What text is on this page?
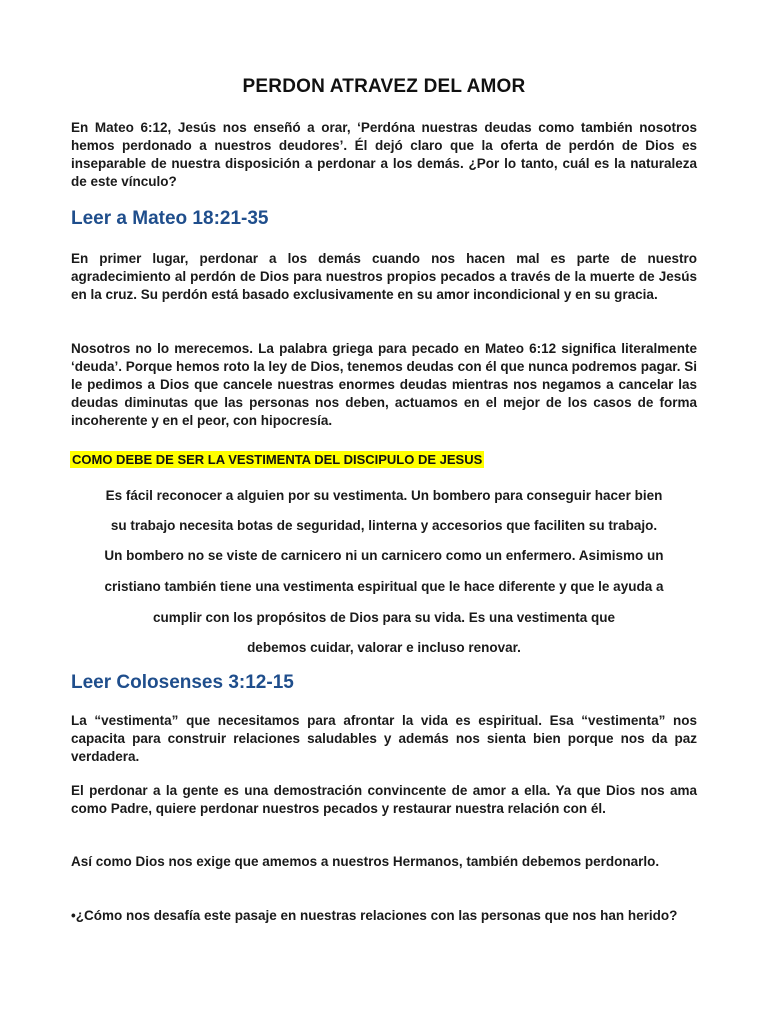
PERDON ATRAVEZ DEL AMOR

En Mateo 6:12, Jesús nos enseñó a orar, ‘Perdóna nuestras deudas como también nosotros hemos perdonado a nuestros deudores’. Él dejó claro que la oferta de perdón de Dios es inseparable de nuestra disposición a perdonar a los demás. ¿Por lo tanto, cuál es la naturaleza de este vínculo?

Leer a Mateo 18:21-35

En primer lugar, perdonar a los demás cuando nos hacen mal es parte de nuestro agradecimiento al perdón de Dios para nuestros propios pecados a través de la muerte de Jesús en la cruz. Su perdón está basado exclusivamente en su amor incondicional y en su gracia.

Nosotros no lo merecemos. La palabra griega para pecado en Mateo 6:12 significa literalmente ‘deuda’. Porque hemos roto la ley de Dios, tenemos deudas con él que nunca podremos pagar. Si le pedimos a Dios que cancele nuestras enormes deudas mientras nos negamos a cancelar las deudas diminutas que las personas nos deben, actuamos en el mejor de los casos de forma incoherente y en el peor, con hipocresía.

COMO DEBE DE SER LA VESTIMENTA DEL DISCIPULO DE JESUS

Es fácil reconocer a alguien por su vestimenta. Un bombero para conseguir hacer bien

su trabajo necesita botas de seguridad, linterna y accesorios que faciliten su trabajo.

Un bombero no se viste de carnicero ni un carnicero como un enfermero. Asimismo un

cristiano también tiene una vestimenta espiritual que le hace diferente y que le ayuda a

cumplir con los propósitos de Dios para su vida. Es una vestimenta que

debemos cuidar, valorar e incluso renovar.

Leer Colosenses 3:12-15

La “vestimenta” que necesitamos para afrontar la vida es espiritual. Esa “vestimenta” nos capacita para construir relaciones saludables y además nos sienta bien porque nos da paz verdadera.

El perdonar a la gente es una demostración convincente de amor a ella. Ya que Dios nos ama como Padre, quiere perdonar nuestros pecados y restaurar nuestra relación con él.

Así como Dios nos exige que amemos a nuestros Hermanos, también debemos perdonarlo.

•¿Cómo nos desafía este pasaje en nuestras relaciones con las personas que nos han herido?
